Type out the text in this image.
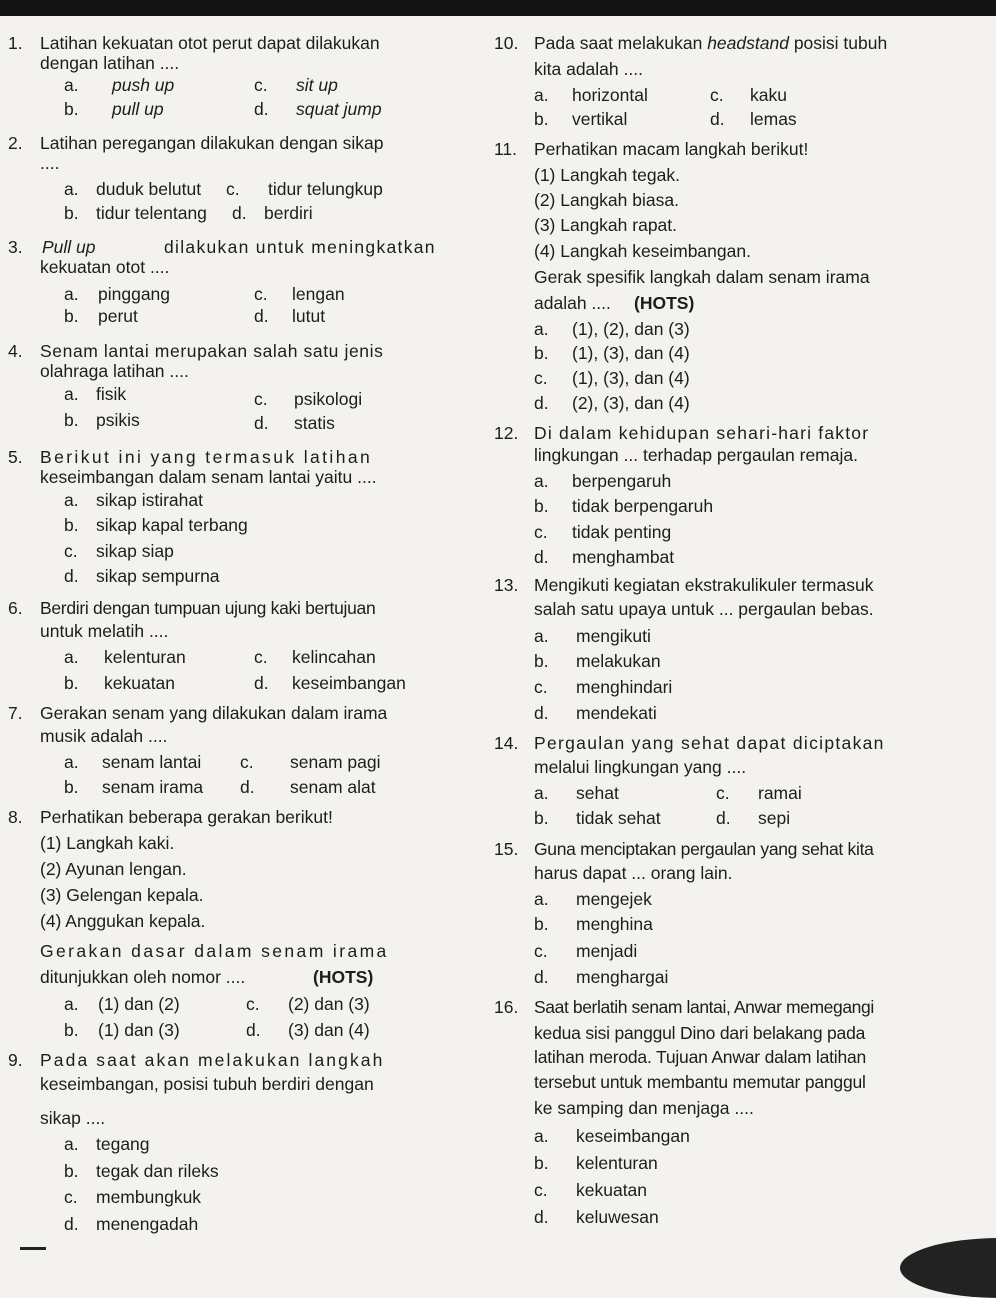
1. Latihan kekuatan otot perut dapat dilakukan
dengan latihan ....
a. push up	c. sit up
b. pull up	d. squat jump
2. Latihan peregangan dilakukan dengan sikap
....
a. duduk belutut c. tidur telungkup
b. tidur telentang d. berdiri
3. Pull up	dilakukan untuk meningkatkan
kekuatan otot ....
a. pinggang	c. lengan
b. perut	d. lutut
4. Senam lantai merupakan salah satu jenis
olahraga latihan ....
a. fisik	c. psikologi
b. psikis	d. statis
5. Berikut ini yang termasuk latihan
keseimbangan dalam senam lantai yaitu ....
a. sikap istirahat
b. sikap kapal terbang
c. sikap siap
d. sikap sempurna
6. Berdiri dengan tumpuan ujung kaki bertujuan
untuk melatih ....
a. kelenturan	c. kelincahan
b. kekuatan	d. keseimbangan
7. Gerakan senam yang dilakukan dalam irama
musik adalah ....
a. senam lantai c. senam pagi
b. senam irama d. senam alat
8. Perhatikan beberapa gerakan berikut!
(1) Langkah kaki.
(2) Ayunan lengan.
(3) Gelengan kepala.
(4) Anggukan kepala.
Gerakan dasar dalam senam irama
ditunjukkan oleh nomor ....	(HOTS)
a. (1) dan (2)	c. (2) dan (3)
b. (1) dan (3)	d. (3) dan (4)
9. Pada saat akan melakukan langkah
keseimbangan, posisi tubuh berdiri dengan
sikap ....
a. tegang
b. tegak dan rileks
c. membungkuk
d. menengadah
10. Pada saat melakukan headstand posisi tubuh
kita adalah ....
a. horizontal	c. kaku
b. vertikal	d. lemas
11. Perhatikan macam langkah berikut!
(1) Langkah tegak.
(2) Langkah biasa.
(3) Langkah rapat.
(4) Langkah keseimbangan.
Gerak spesifik langkah dalam senam irama
adalah .... (HOTS)
a. (1), (2), dan (3)
b. (1), (3), dan (4)
c. (1), (3), dan (4)
d. (2), (3), dan (4)
12. Di dalam kehidupan sehari-hari faktor
lingkungan ... terhadap pergaulan remaja.
a. berpengaruh
b. tidak berpengaruh
c. tidak penting
d. menghambat
13. Mengikuti kegiatan ekstrakulikuler termasuk
salah satu upaya untuk ... pergaulan bebas.
a. mengikuti
b. melakukan
c. menghindari
d. mendekati
14. Pergaulan yang sehat dapat diciptakan
melalui lingkungan yang ....
a. sehat	c. ramai
b. tidak sehat	d. sepi
15. Guna menciptakan pergaulan yang sehat kita
harus dapat ... orang lain.
a. mengejek
b. menghina
c. menjadi
d. menghargai
16. Saat berlatih senam lantai, Anwar memegangi
kedua sisi panggul Dino dari belakang pada
latihan meroda. Tujuan Anwar dalam latihan
tersebut untuk membantu memutar panggul
ke samping dan menjaga ....
a. keseimbangan
b. kelenturan
c. kekuatan
d. keluwesan
